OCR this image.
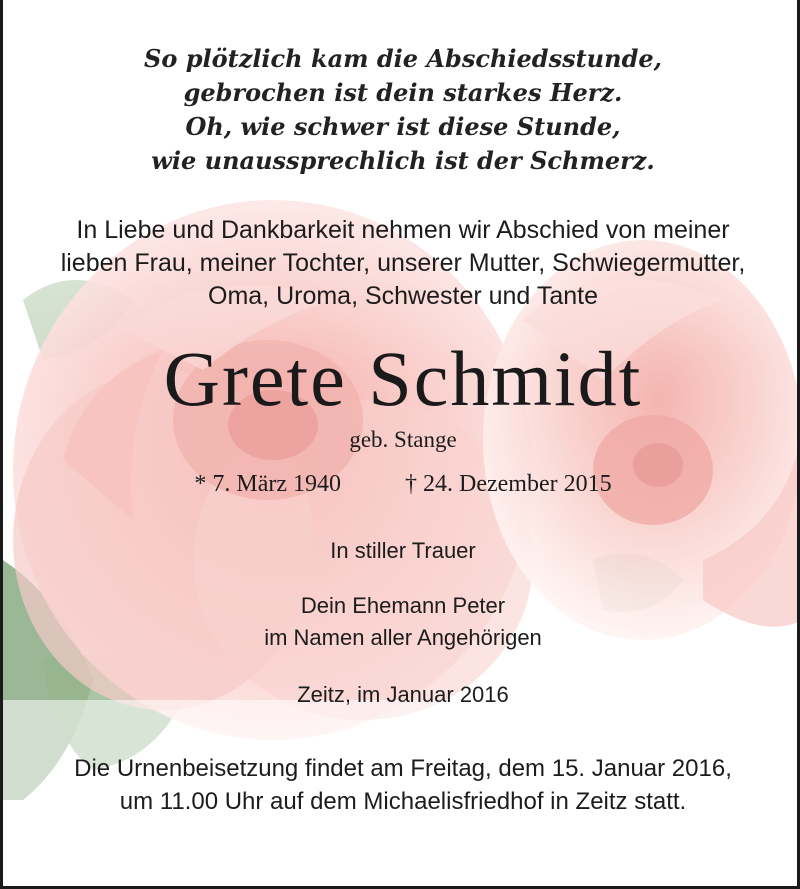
So plötzlich kam die Abschiedsstunde,
gebrochen ist dein starkes Herz.
Oh, wie schwer ist diese Stunde,
wie unaussprechlich ist der Schmerz.
In Liebe und Dankbarkeit nehmen wir Abschied von meiner
lieben Frau, meiner Tochter, unserer Mutter, Schwiegermutter,
Oma, Uroma, Schwester und Tante
Grete Schmidt
geb. Stange
* 7. März 1940	† 24. Dezember 2015
In stiller Trauer
Dein Ehemann Peter
im Namen aller Angehörigen
Zeitz, im Januar 2016
Die Urnenbeisetzung findet am Freitag, dem 15. Januar 2016,
um 11.00 Uhr auf dem Michaelisfriedhof in Zeitz statt.
